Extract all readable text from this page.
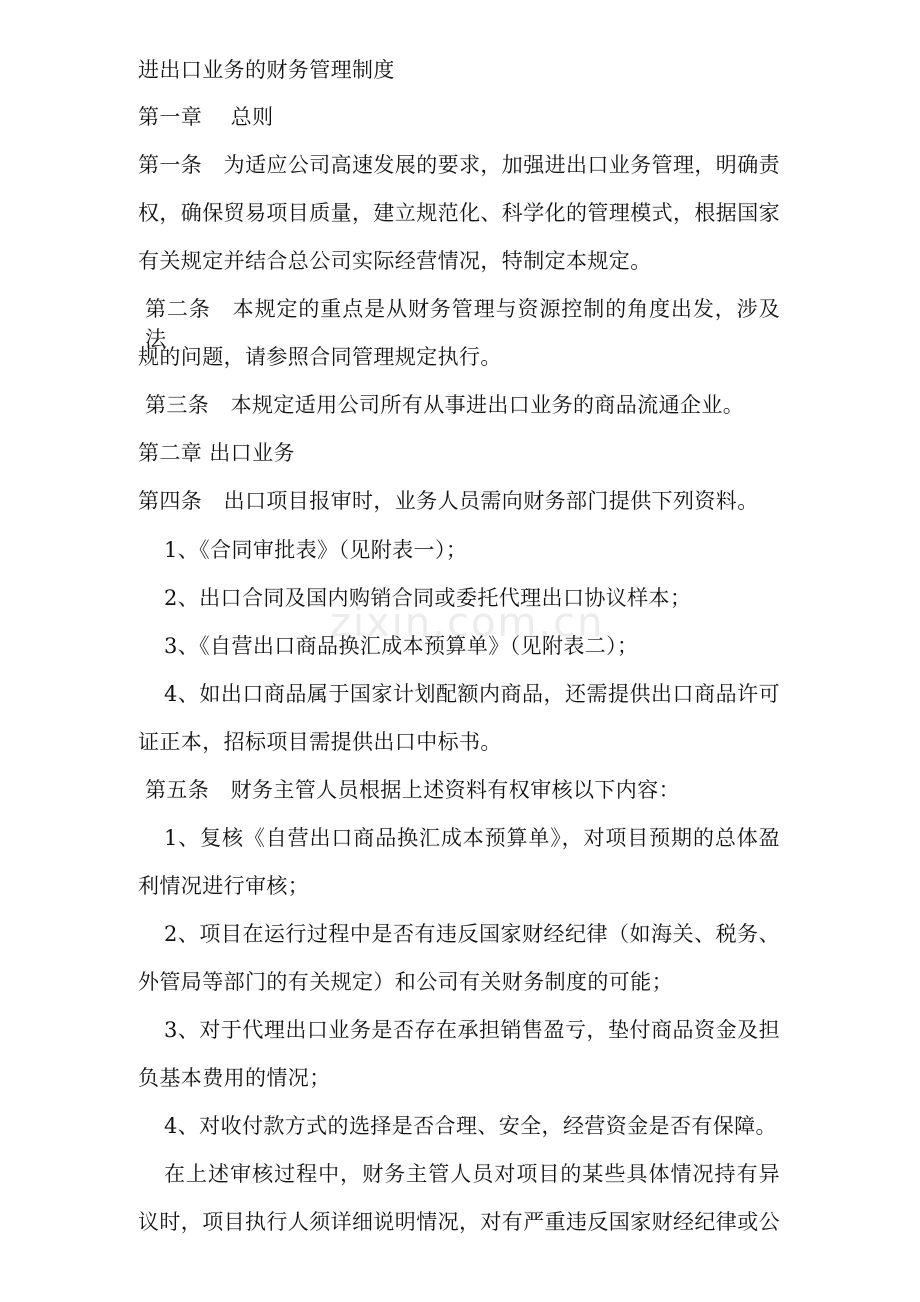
zixin.com.cn
进出口业务的财务管理制度
第一章　 总则
第一条　为适应公司高速发展的要求，加强进出口业务管理，明确责
权，确保贸易项目质量，建立规范化、科学化的管理模式，根据国家
有关规定并结合总公司实际经营情况，特制定本规定。
第二条　本规定的重点是从财务管理与资源控制的角度出发，涉及法
规的问题，请参照合同管理规定执行。
第三条　本规定适用公司所有从事进出口业务的商品流通企业。
第二章 出口业务
第四条　出口项目报审时，业务人员需向财务部门提供下列资料。
1、《合同审批表》（见附表一）；
2、出口合同及国内购销合同或委托代理出口协议样本；
3、《自营出口商品换汇成本预算单》（见附表二）；
4、如出口商品属于国家计划配额内商品，还需提供出口商品许可
证正本，招标项目需提供出口中标书。
第五条　财务主管人员根据上述资料有权审核以下内容：
1、复核《自营出口商品换汇成本预算单》，对项目预期的总体盈
利情况进行审核；
2、项目在运行过程中是否有违反国家财经纪律（如海关、税务、
外管局等部门的有关规定）和公司有关财务制度的可能；
3、对于代理出口业务是否存在承担销售盈亏，垫付商品资金及担
负基本费用的情况；
4、对收付款方式的选择是否合理、安全，经营资金是否有保障。
在上述审核过程中，财务主管人员对项目的某些具体情况持有异
议时，项目执行人须详细说明情况，对有严重违反国家财经纪律或公
